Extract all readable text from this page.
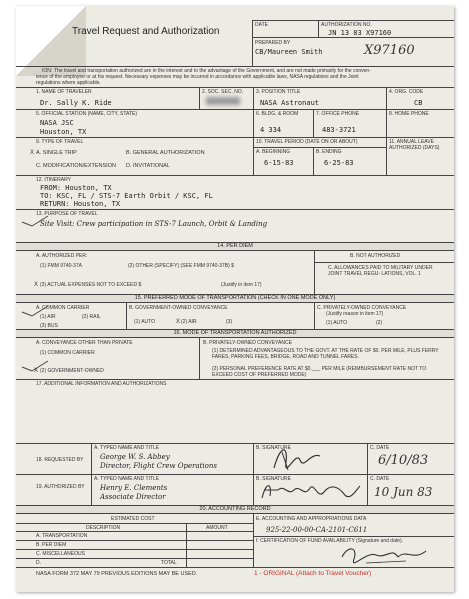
Travel Request and Authorization
DATE	AUTHORIZATION NO.
JN 13 83 X97160
PREPARED BY
CB/Maureen Smith	X97160
ION: The travel and transportation authorized are in the interest and to the advantage of the Government, and are not made primarily for the conven-
ience of the employee or at his request. Necessary expenses may be incurred in accordance with applicable laws, NASA regulations and the Joint
regulations where applicable.
1. NAME OF TRAVELER
Dr. Sally K. Ride
2. SOC. SEC. NO.	3. POSITION TITLE
NASA Astronaut
4. ORG. CODE
CB
5. OFFICIAL STATION (NAME, CITY, STATE)
NASA JSC
Houston, TX
6. BLDG. & ROOM
4 334
7. OFFICE PHONE
483-3721
8. HOME PHONE
9. TYPE OF TRAVEL
A. SINGLE TRIP	B. GENERAL AUTHORIZATION
C. MODIFICATION/EXTENSION D. INVITATIONAL
10. TRAVEL PERIOD (DATE ON OR ABOUT)
A. BEGINNING
6-15-83
B. ENDING
6-25-83
11. ANNUAL LEAVE AUTHORIZED (DAYS)
12. ITINERARY
FROM: Houston, TX
TO: KSC, FL / STS-7 Earth Orbit / KSC, FL
RETURN: Houston, TX
13. PURPOSE OF TRAVEL
Site Visit: Crew participation in STS-7 Launch, Orbit & Landing
14. PER DIEM
A. AUTHORIZED PER:
(1) FMM 9740-37A	(2) OTHER (SPECIFY) (SEE FMM 9740-37B) $
(3) ACTUAL EXPENSES NOT TO EXCEED $	(Justify in item 17)
B. NOT AUTHORIZED
C. ALLOWANCES PAID TO MILITARY UNDER JOINT TRAVEL REGU- LATIONS, VOL. 1
15. PREFERRED MODE OF TRANSPORTATION (CHECK IN ONE MODE ONLY)
A. COMMON CARRIER
(1) AIR	(2) RAIL
(3) BUS
B. GOVERNMENT-OWNED CONVEYANCE
(1) AUTO	(2) AIR	(3)
C. PRIVATELY-OWNED CONVEYANCE
(Justify reason in item 17)
(1) AUTO	(2)
16. MODE OF TRANSPORTATION AUTHORIZED
A. CONVEYANCE OTHER THAN PRIVATE
(1) COMMON CARRIER
(2) GOVERNMENT-OWNED
B. PRIVATELY-OWNED CONVEYANCE
(1) DETERMINED ADVANTAGEOUS TO THE GOVT. AT THE RATE OF $0. PER MILE, PLUS FERRY FARES, PARKING FEES, BRIDGE, ROAD AND TUNNEL FARES.
(2) PERSONAL PREFERENCE RATE AT $0.___ PER MILE (REIMBURSEMENT RATE NOT TO EXCEED COST OF PREFERRED MODE)
17. ADDITIONAL INFORMATION AND AUTHORIZATIONS
18. REQUESTED BY
A. TYPED NAME AND TITLE
George W. S. Abbey
Director, Flight Crew Operations
B. SIGNATURE	C. DATE
6/10/83
19. AUTHORIZED BY
A. TYPED NAME AND TITLE
Henry E. Clements
Associate Director
B. SIGNATURE	C. DATE
10 Jun 83
20. ACCOUNTING RECORD
ESTIMATED COST
DESCRIPTION	AMOUNT
A. TRANSPORTATION
B. PER DIEM
C. MISCELLANEOUS
D.	TOTAL
E. ACCOUNTING AND APPROPRIATIONS DATA
925-22-00-00-CA-2101-C611
f. CERTIFICATION OF FUND AVAILABILITY (Signature and date).
NASA FORM 372 MAY 79 PREVIOUS EDITIONS MAY BE USED.	1 - ORIGINAL (Attach to Travel Voucher)
X
X
X
X
